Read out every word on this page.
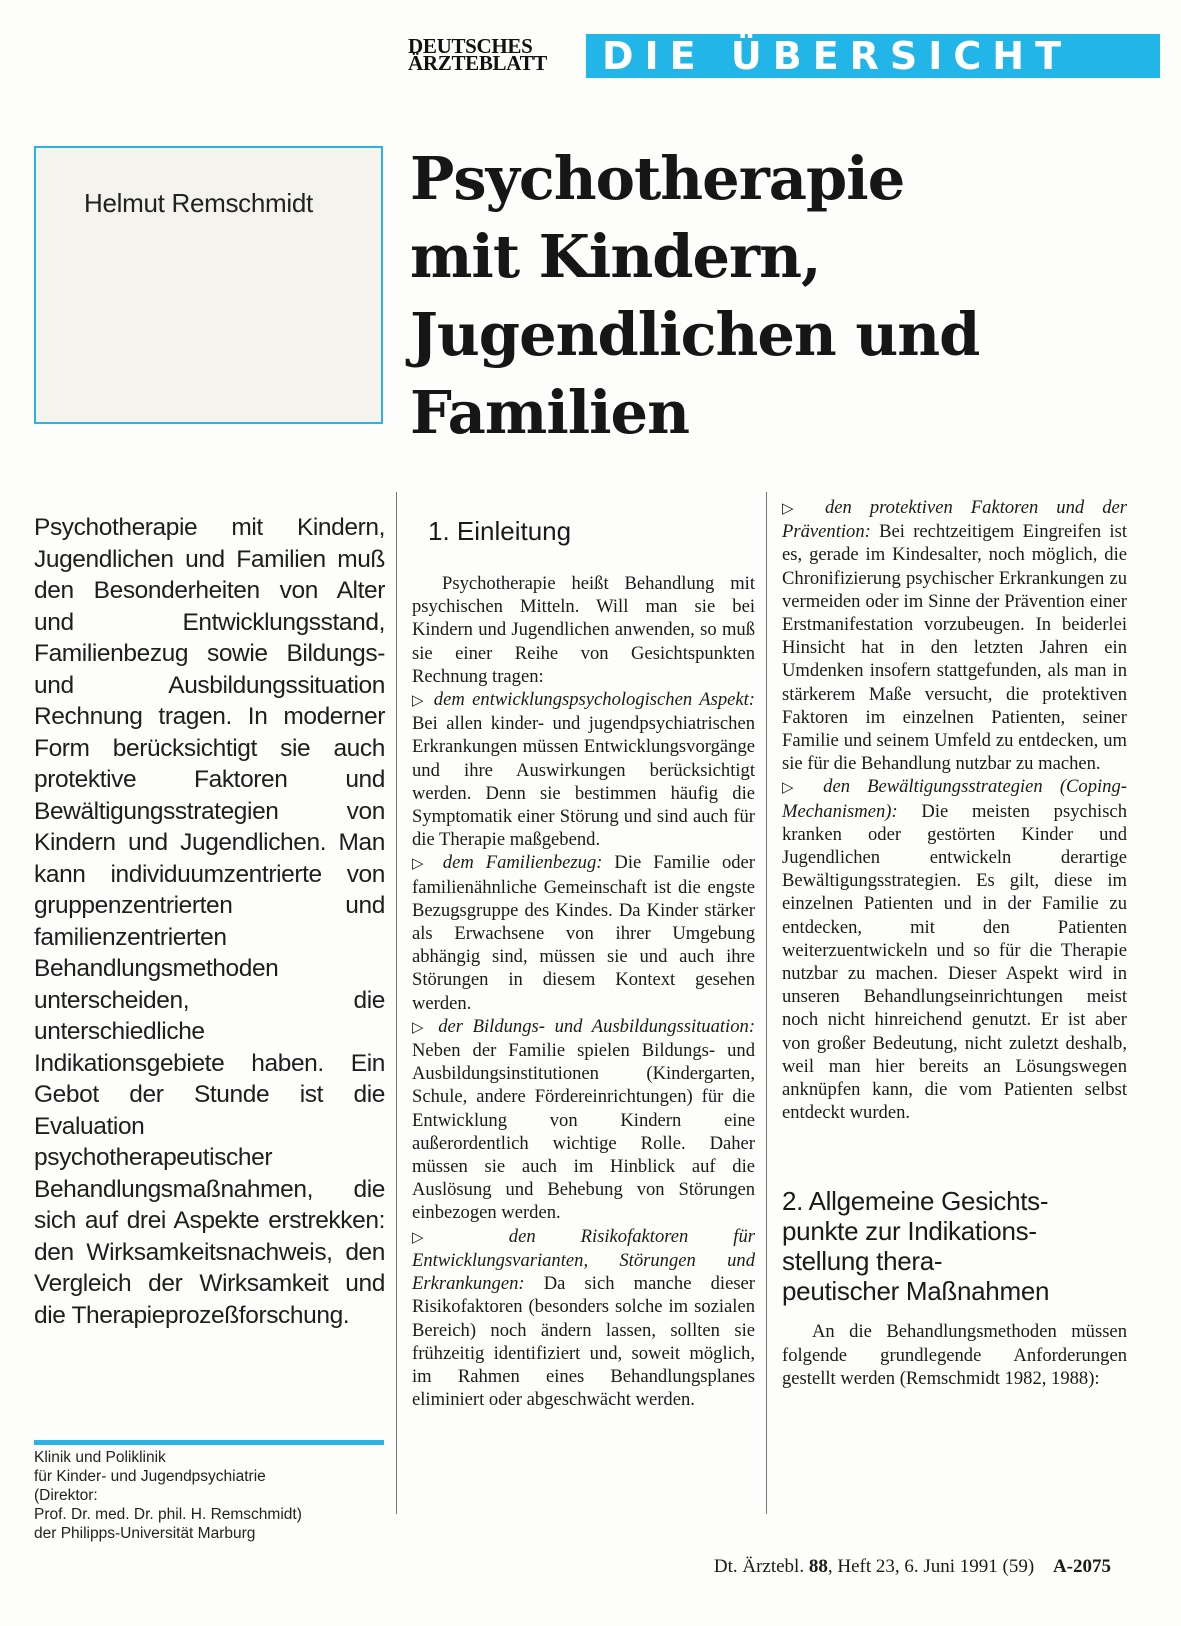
DEUTSCHES
ÄRZTEBLATT	DIE ÜBERSICHT
Helmut Remschmidt Psychotherapie
mit Kindern,
Jugendlichen und
Familien
Psychotherapie mit Kindern, Jugendlichen und Familien muß den Besonderheiten von Alter und Entwicklungsstand, Familienbezug sowie Bildungs- und Ausbildungssituation Rechnung tragen. In moderner Form berücksichtigt sie auch protektive Faktoren und Bewältigungsstrategien von Kindern und Jugendlichen. Man kann individuumzentrierte von gruppenzentrierten und familienzentrierten Behandlungsmethoden unterscheiden, die unterschiedliche Indikationsgebiete haben. Ein Gebot der Stunde ist die Evaluation psychotherapeutischer Behandlungsmaßnahmen, die sich auf drei Aspekte erstrekken: den Wirksamkeitsnachweis, den Vergleich der Wirksamkeit und die Therapieprozeßforschung.
Klinik und Poliklinik
für Kinder- und Jugendpsychiatrie
(Direktor:
Prof. Dr. med. Dr. phil. H. Remschmidt)
der Philipps-Universität Marburg
1. Einleitung

Psychotherapie heißt Behandlung mit psychischen Mitteln. Will man sie bei Kindern und Jugendlichen anwenden, so muß sie einer Reihe von Gesichtspunkten Rechnung tragen:

▷ dem entwicklungspsychologischen Aspekt: Bei allen kinder- und jugendpsychiatrischen Erkrankungen müssen Entwicklungsvorgänge und ihre Auswirkungen berücksichtigt werden. Denn sie bestimmen häufig die Symptomatik einer Störung und sind auch für die Therapie maßgebend.

▷ dem Familienbezug: Die Familie oder familienähnliche Gemeinschaft ist die engste Bezugsgruppe des Kindes. Da Kinder stärker als Erwachsene von ihrer Umgebung abhängig sind, müssen sie und auch ihre Störungen in diesem Kontext gesehen werden.

▷ der Bildungs- und Ausbildungssituation: Neben der Familie spielen Bildungs- und Ausbildungsinstitutionen (Kindergarten, Schule, andere Fördereinrichtungen) für die Entwicklung von Kindern eine außerordentlich wichtige Rolle. Daher müssen sie auch im Hinblick auf die Auslösung und Behebung von Störungen einbezogen werden.

▷ den Risikofaktoren für Entwicklungsvarianten, Störungen und Erkrankungen: Da sich manche dieser Risikofaktoren (besonders solche im sozialen Bereich) noch ändern lassen, sollten sie frühzeitig identifiziert und, soweit möglich, im Rahmen eines Behandlungsplanes eliminiert oder abgeschwächt werden.

▷ den protektiven Faktoren und der Prävention: Bei rechtzeitigem Eingreifen ist es, gerade im Kindesalter, noch möglich, die Chronifizierung psychischer Erkrankungen zu vermeiden oder im Sinne der Prävention einer Erstmanifestation vorzubeugen. In beiderlei Hinsicht hat in den letzten Jahren ein Umdenken insofern stattgefunden, als man in stärkerem Maße versucht, die protektiven Faktoren im einzelnen Patienten, seiner Familie und seinem Umfeld zu entdecken, um sie für die Behandlung nutzbar zu machen.

▷ den Bewältigungsstrategien (Coping-Mechanismen): Die meisten psychisch kranken oder gestörten Kinder und Jugendlichen entwickeln derartige Bewältigungsstrategien. Es gilt, diese im einzelnen Patienten und in der Familie zu entdecken, mit den Patienten weiterzuentwickeln und so für die Therapie nutzbar zu machen. Dieser Aspekt wird in unseren Behandlungseinrichtungen meist noch nicht hinreichend genutzt. Er ist aber von großer Bedeutung, nicht zuletzt deshalb, weil man hier bereits an Lösungswegen anknüpfen kann, die vom Patienten selbst entdeckt wurden.

2. Allgemeine Gesichts-
punkte zur Indikations-
stellung thera-
peutischer Maßnahmen

An die Behandlungsmethoden müssen folgende grundlegende Anforderungen gestellt werden (Remschmidt 1982, 1988):

Dt. Ärztebl. 88, Heft 23, 6. Juni 1991 (59) A-2075
